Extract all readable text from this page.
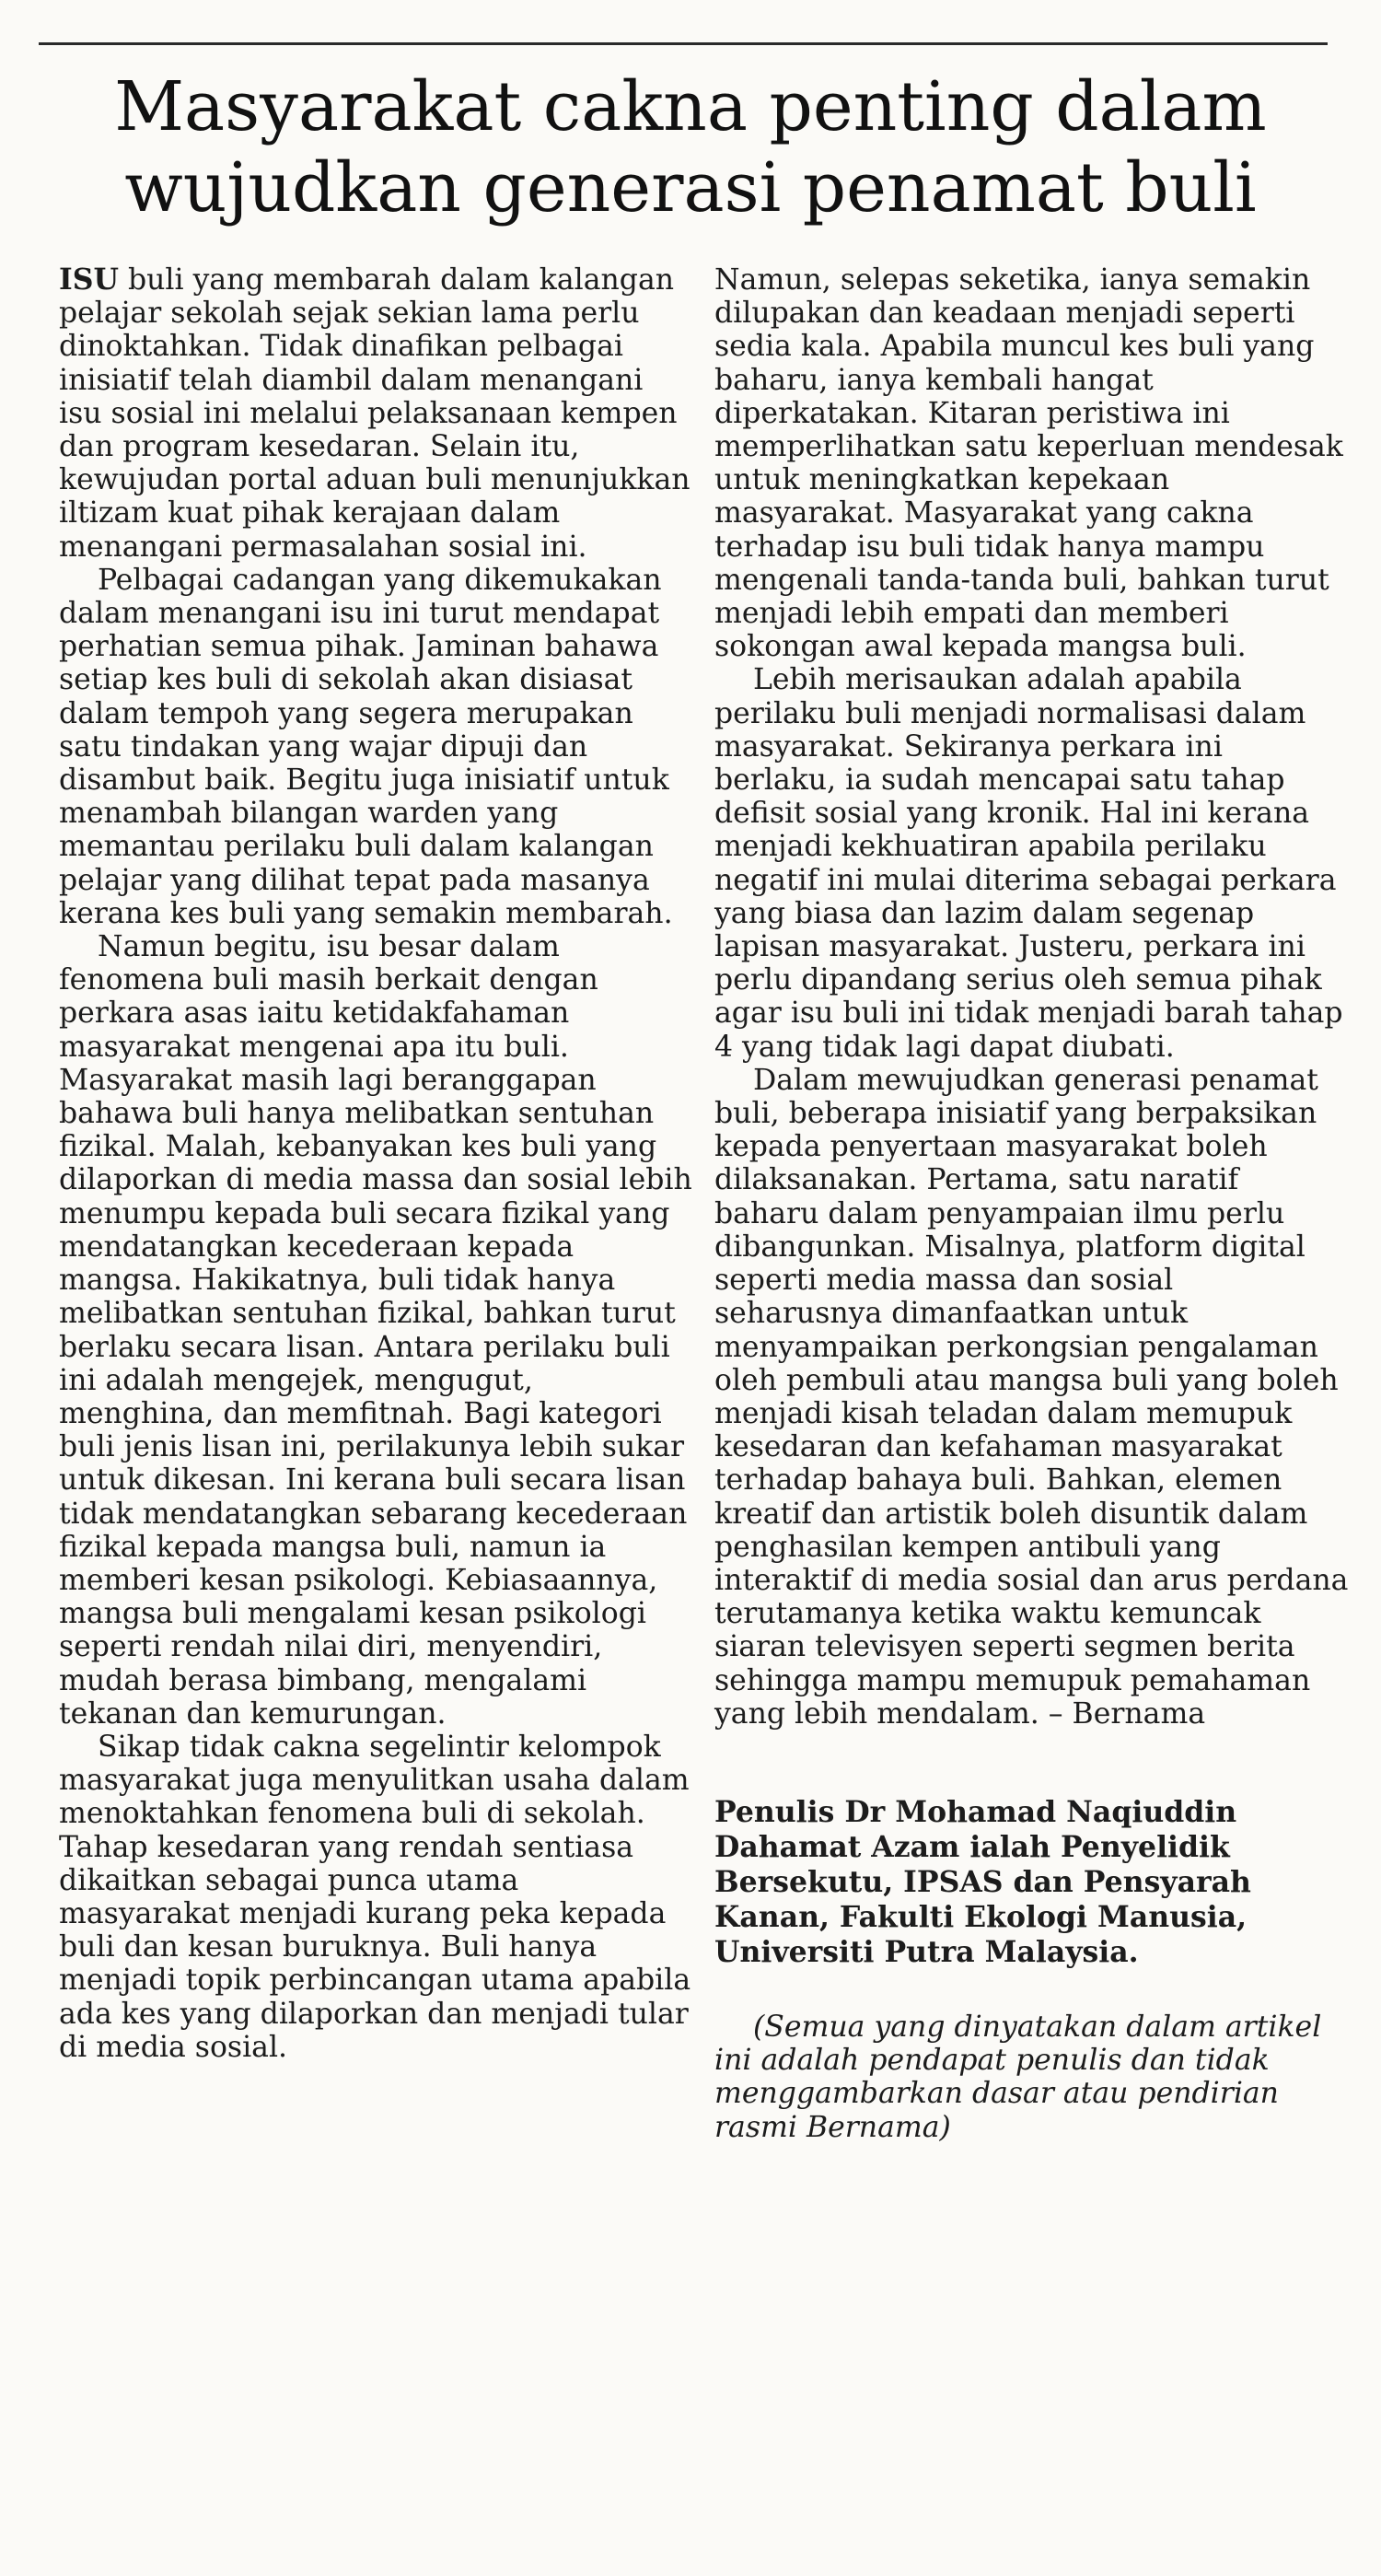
Masyarakat cakna penting dalam
wujudkan generasi penamat buli

ISU buli yang membarah dalam kalangan pelajar sekolah sejak sekian lama perlu dinoktahkan. Tidak dinafikan pelbagai inisiatif telah diambil dalam menangani isu sosial ini melalui pelaksanaan kempen dan program kesedaran. Selain itu, kewujudan portal aduan buli menunjukkan iltizam kuat pihak kerajaan dalam menangani permasalahan sosial ini.

Pelbagai cadangan yang dikemukakan dalam menangani isu ini turut mendapat perhatian semua pihak. Jaminan bahawa setiap kes buli di sekolah akan disiasat dalam tempoh yang segera merupakan satu tindakan yang wajar dipuji dan disambut baik. Begitu juga inisiatif untuk menambah bilangan warden yang memantau perilaku buli dalam kalangan pelajar yang dilihat tepat pada masanya kerana kes buli yang semakin membarah.

Namun begitu, isu besar dalam fenomena buli masih berkait dengan perkara asas iaitu ketidakfahaman masyarakat mengenai apa itu buli. Masyarakat masih lagi beranggapan bahawa buli hanya melibatkan sentuhan fizikal. Malah, kebanyakan kes buli yang dilaporkan di media massa dan sosial lebih menumpu kepada buli secara fizikal yang mendatangkan kecederaan kepada mangsa. Hakikatnya, buli tidak hanya melibatkan sentuhan fizikal, bahkan turut berlaku secara lisan. Antara perilaku buli ini adalah mengejek, mengugut, menghina, dan memfitnah. Bagi kategori buli jenis lisan ini, perilakunya lebih sukar untuk dikesan. Ini kerana buli secara lisan tidak mendatangkan sebarang kecederaan fizikal kepada mangsa buli, namun ia memberi kesan psikologi. Kebiasaannya, mangsa buli mengalami kesan psikologi seperti rendah nilai diri, menyendiri, mudah berasa bimbang, mengalami tekanan dan kemurungan.

Sikap tidak cakna segelintir kelompok masyarakat juga menyulitkan usaha dalam menoktahkan fenomena buli di sekolah. Tahap kesedaran yang rendah sentiasa dikaitkan sebagai punca utama masyarakat menjadi kurang peka kepada buli dan kesan buruknya. Buli hanya menjadi topik perbincangan utama apabila ada kes yang dilaporkan dan menjadi tular di media sosial.

Namun, selepas seketika, ianya semakin dilupakan dan keadaan menjadi seperti sedia kala. Apabila muncul kes buli yang baharu, ianya kembali hangat diperkatakan. Kitaran peristiwa ini memperlihatkan satu keperluan mendesak untuk meningkatkan kepekaan masyarakat. Masyarakat yang cakna terhadap isu buli tidak hanya mampu mengenali tanda-tanda buli, bahkan turut menjadi lebih empati dan memberi sokongan awal kepada mangsa buli.

Lebih merisaukan adalah apabila perilaku buli menjadi normalisasi dalam masyarakat. Sekiranya perkara ini berlaku, ia sudah mencapai satu tahap defisit sosial yang kronik. Hal ini kerana menjadi kekhuatiran apabila perilaku negatif ini mulai diterima sebagai perkara yang biasa dan lazim dalam segenap lapisan masyarakat. Justeru, perkara ini perlu dipandang serius oleh semua pihak agar isu buli ini tidak menjadi barah tahap 4 yang tidak lagi dapat diubati.

Dalam mewujudkan generasi penamat buli, beberapa inisiatif yang berpaksikan kepada penyertaan masyarakat boleh dilaksanakan. Pertama, satu naratif baharu dalam penyampaian ilmu perlu dibangunkan. Misalnya, platform digital seperti media massa dan sosial seharusnya dimanfaatkan untuk menyampaikan perkongsian pengalaman oleh pembuli atau mangsa buli yang boleh menjadi kisah teladan dalam memupuk kesedaran dan kefahaman masyarakat terhadap bahaya buli. Bahkan, elemen kreatif dan artistik boleh disuntik dalam penghasilan kempen antibuli yang interaktif di media sosial dan arus perdana terutamanya ketika waktu kemuncak siaran televisyen seperti segmen berita sehingga mampu memupuk pemahaman yang lebih mendalam. – Bernama

Penulis Dr Mohamad Naqiuddin Dahamat Azam ialah Penyelidik Bersekutu, IPSAS dan Pensyarah Kanan, Fakulti Ekologi Manusia, Universiti Putra Malaysia.

(Semua yang dinyatakan dalam artikel ini adalah pendapat penulis dan tidak menggambarkan dasar atau pendirian rasmi Bernama)
